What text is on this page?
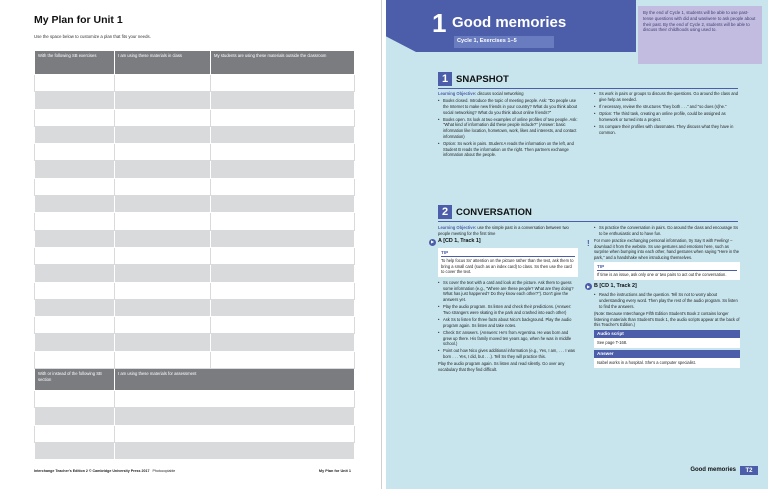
My Plan for Unit 1
Use the space below to customize a plan that fits your needs.
With the following SB exercises	I am using these materials in class	My students are using these materials outside the classroom

With or instead of the following SB section	I am using these materials for assessment	

Interchange Teacher's Edition 2 © Cambridge University Press 2017 Photocopiable	My Plan for Unit 1
1 Good memories
Cycle 1, Exercises 1–5
By the end of Cycle 1, students will be able to use past-tense questions with did and was/were to ask people about their past. By the end of Cycle 2, students will be able to discuss their childhoods using used to.
1 SNAPSHOT

Learning Objective: discuss social networking

• Books closed. Introduce the topic of meeting people. Ask: "Do people use the Internet to make new friends in your country? What do you think about social networking? What do you think about online friends?"

• Books open. Ss look at two examples of online profiles of two people. Ask: "What kind of information did these people include?" (Answer: basic information like location, hometown, work, likes and interests, and contact information)

• Option: Ss work in pairs. Student A reads the information on the left, and Student B reads the information on the right. Then partners exchange information about the people.

• Ss work in pairs or groups to discuss the questions. Go around the class and give help as needed.

• If necessary, review the structures "they both . . ." and "so does (s)he."

• Option: The third task, creating an online profile, could be assigned as homework or turned into a project.

• Ss compare their profiles with classmates. They discuss what they have in common.

2 CONVERSATION

Learning Objective: use the simple past in a conversation between two people meeting for the first time

▶ A [CD 1, Track 1]
TIP
To help focus Ss' attention on the picture rather than the text, ask them to bring a small card (such as an index card) to class. Ss then use the card to cover the text.

• Ss cover the text with a card and look at the picture. Ask them to guess some information (e.g., "Where are these people? What are they doing? What has just happened? Do they know each other?"). Don't give the answers yet.

• Play the audio program. Ss listen and check their predictions. (Answer: Two strangers were skating in the park and crashed into each other)

• Ask Ss to listen for three facts about Nico's background. Play the audio program again. Ss listen and take notes.

• Check Ss' answers. (Answers: He's from Argentina. He was born and grew up there. His family moved ten years ago, when he was in middle school.)

• Point out how Nico gives additional information (e.g., Yes, I am, . . . I was born . . . Yes, I did, but . . .). Tell Ss they will practice this.

Play the audio program again. Ss listen and read silently. Go over any vocabulary that they find difficult.

• Ss practice the conversation in pairs. Go around the class and encourage Ss to be enthusiastic and to have fun.

!	For more practice exchanging personal information, try Say It with Feeling! – download it from the website. Ss use gestures and emotions here, such as surprise when bumping into each other, hand gestures when saying "Here in the park," and a handshake when introducing themselves.

TIP
If time is an issue, ask only one or two pairs to act out the conversation.
▶ B [CD 1, Track 2]

• Read the instructions and the question. Tell Ss not to worry about understanding every word. Then play the rest of the audio program. Ss listen to find the answers.

(Note: Because Interchange Fifth Edition Student's Book 2 contains longer listening materials than Student's Book 1, the audio scripts appear at the back of this Teacher's Edition.)

Audio script
See page T-168.
Answer
Isabel works in a hospital. She's a computer specialist.
Good memories	T2
